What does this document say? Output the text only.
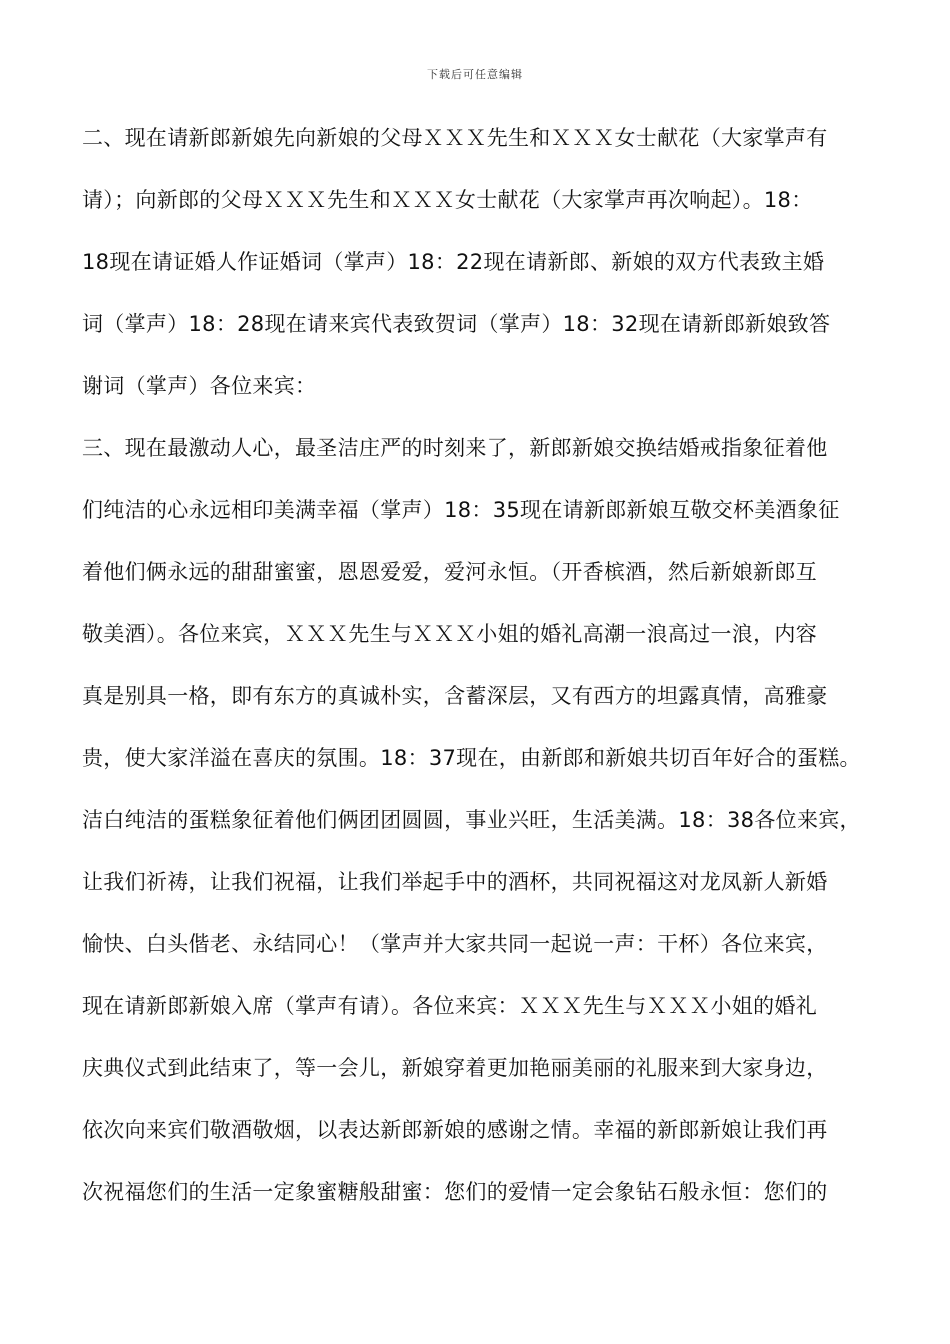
下载后可任意编辑
二、现在请新郎新娘先向新娘的父母ＸＸＸ先生和ＸＸＸ女士献花（大家掌声有
请）；向新郎的父母ＸＸＸ先生和ＸＸＸ女士献花（大家掌声再次响起）。18：
18现在请证婚人作证婚词（掌声）18：22现在请新郎、新娘的双方代表致主婚
词（掌声）18：28现在请来宾代表致贺词（掌声）18：32现在请新郎新娘致答
谢词（掌声）各位来宾：
三、现在最激动人心，最圣洁庄严的时刻来了，新郎新娘交换结婚戒指象征着他
们纯洁的心永远相印美满幸福（掌声）18：35现在请新郎新娘互敬交杯美酒象征
着他们俩永远的甜甜蜜蜜，恩恩爱爱，爱河永恒。（开香槟酒，然后新娘新郎互
敬美酒）。各位来宾，ＸＸＸ先生与ＸＸＸ小姐的婚礼高潮一浪高过一浪，内容
真是别具一格，即有东方的真诚朴实，含蓄深层，又有西方的坦露真情，高雅豪
贵，使大家洋溢在喜庆的氛围。18：37现在，由新郎和新娘共切百年好合的蛋糕。
洁白纯洁的蛋糕象征着他们俩团团圆圆，事业兴旺，生活美满。18：38各位来宾，
让我们祈祷，让我们祝福，让我们举起手中的酒杯，共同祝福这对龙凤新人新婚
愉快、白头偕老、永结同心！（掌声并大家共同一起说一声：干杯）各位来宾，
现在请新郎新娘入席（掌声有请）。各位来宾：ＸＸＸ先生与ＸＸＸ小姐的婚礼
庆典仪式到此结束了，等一会儿，新娘穿着更加艳丽美丽的礼服来到大家身边，
依次向来宾们敬酒敬烟，以表达新郎新娘的感谢之情。幸福的新郎新娘让我们再
次祝福您们的生活一定象蜜糖般甜蜜：您们的爱情一定会象钻石般永恒：您们的
